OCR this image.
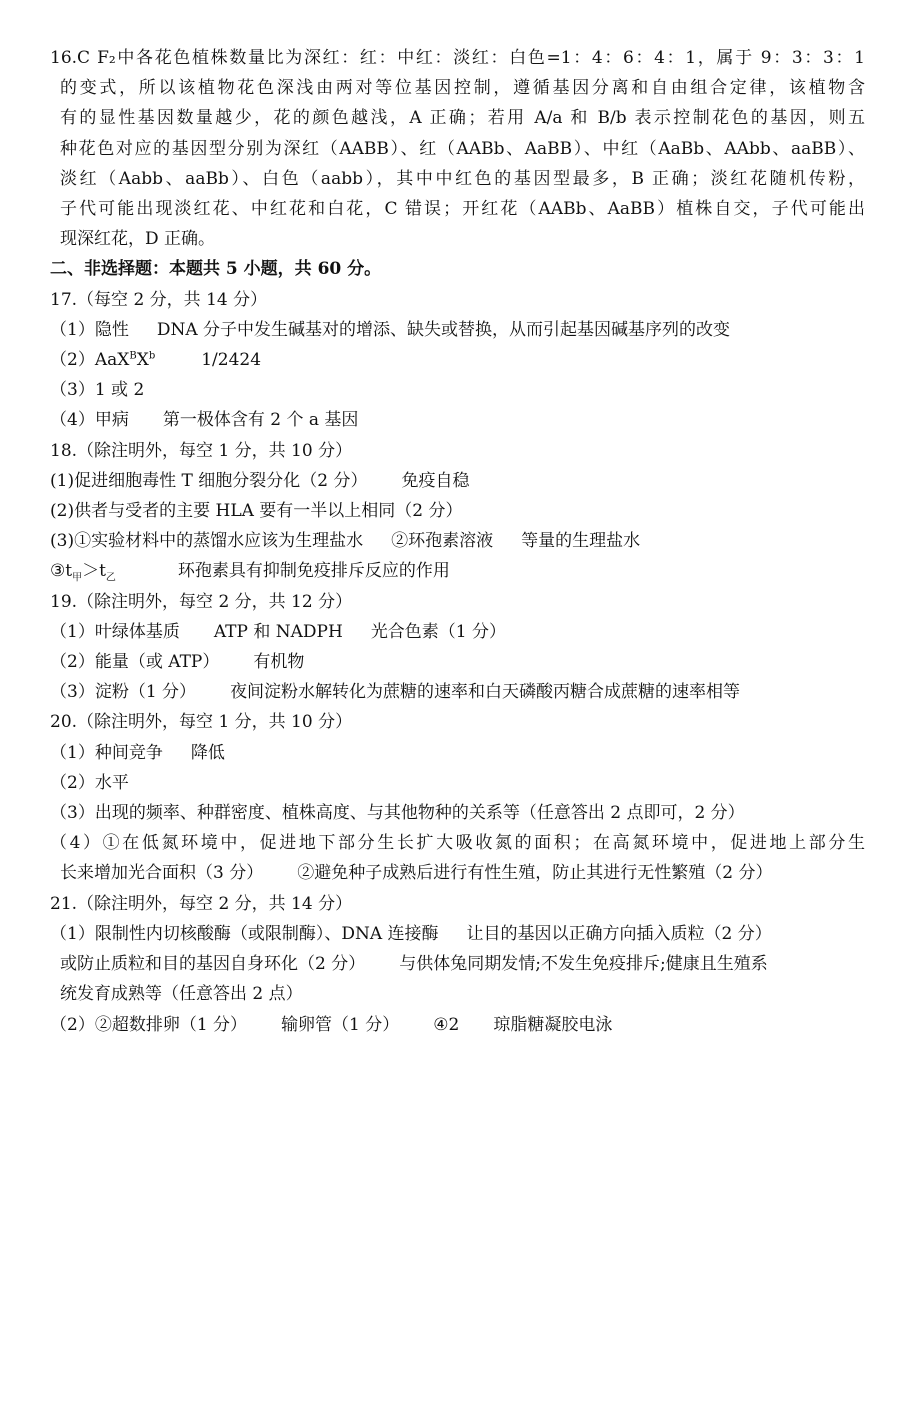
16.C F₂中各花色植株数量比为深红：红：中红：淡红：白色=1：4：6：4：1，属于 9：3：3：1

的变式，所以该植物花色深浅由两对等位基因控制，遵循基因分离和自由组合定律，该植物含

有的显性基因数量越少，花的颜色越浅，A 正确；若用 A/a 和 B/b 表示控制花色的基因，则五

种花色对应的基因型分别为深红（AABB）、红（AABb、AaBB）、中红（AaBb、AAbb、aaBB）、

淡红（Aabb、aaBb）、白色（aabb），其中中红色的基因型最多，B 正确；淡红花随机传粉，

子代可能出现淡红花、中红花和白花，C 错误；开红花（AABb、AaBB）植株自交，子代可能出

现深红花，D 正确。

二、非选择题：本题共 5 小题，共 60 分。

17.（每空 2 分，共 14 分）

（1）隐性 DNA 分子中发生碱基对的增添、缺失或替换，从而引起基因碱基序列的改变

$(2)AaX^BX^b$	1/2424

（3）1 或 2

（4）甲病 第一极体含有 2 个 a 基因

18.（除注明外，每空 1 分，共 10 分）

(1)促进细胞毒性 T 细胞分裂分化（2 分） 免疫自稳

(2)供者与受者的主要 HLA 要有一半以上相同（2 分）

(3)①实验材料中的蒸馏水应该为生理盐水 ②环孢素溶液 等量的生理盐水

$③t_甲>t_乙$	环孢素具有抑制免疫排斥反应的作用

19.（除注明外，每空 2 分，共 12 分）

（1）叶绿体基质 ATP 和 NADPH 光合色素（1 分）

（2）能量（或 ATP） 有机物

（3）淀粉（1 分） 夜间淀粉水解转化为蔗糖的速率和白天磷酸丙糖合成蔗糖的速率相等

20.（除注明外，每空 1 分，共 10 分）

（1）种间竞争 降低

（2）水平

（3）出现的频率、种群密度、植株高度、与其他物种的关系等（任意答出 2 点即可，2 分）

（4）①在低氮环境中，促进地下部分生长扩大吸收氮的面积；在高氮环境中，促进地上部分生

长来增加光合面积（3 分） ②避免种子成熟后进行有性生殖，防止其进行无性繁殖（2 分）

21.（除注明外，每空 2 分，共 14 分）

（1）限制性内切核酸酶（或限制酶）、DNA 连接酶 让目的基因以正确方向插入质粒（2 分）

或防止质粒和目的基因自身环化（2 分） 与供体兔同期发情;不发生免疫排斥;健康且生殖系

统发育成熟等（任意答出 2 点）

（2）②超数排卵（1 分） 输卵管（1 分） ④2 琼脂糖凝胶电泳
